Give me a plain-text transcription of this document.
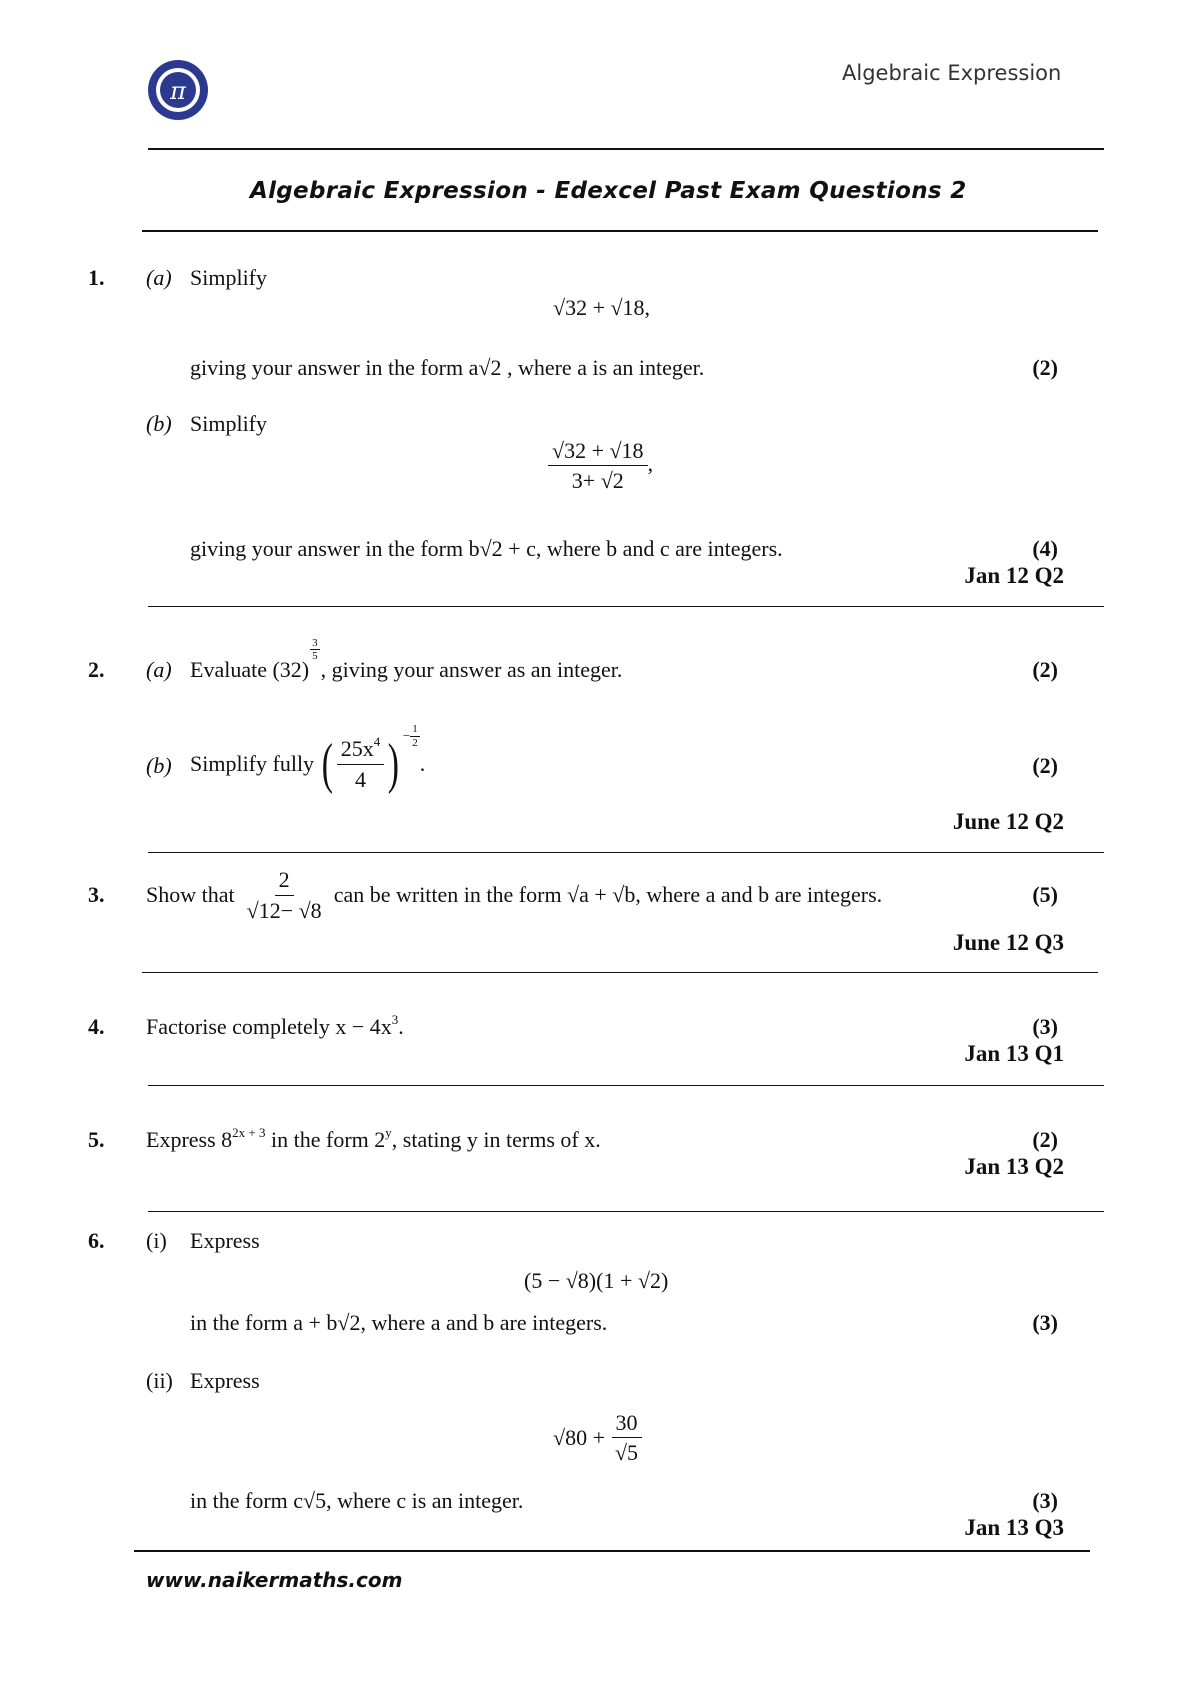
π
Algebraic Expression
Algebraic Expression - Edexcel Past Exam Questions 2
1. (a) Simplify
√32 + √18,
giving your answer in the form a√2 , where a is an integer.	(2)
(b) Simplify
$\frac{√32 + √18}{3+ √2}$ ,
giving your answer in the form b√2 + c, where b and c are integers.	(4)
Jan 12 Q2
2. (a) Evaluate (32)
$\frac{3}{5}$
, giving your answer as an integer.	(2)
(b) Simplify fully ( $\frac{25x^4}{4}$ ) − $\frac{1}{2}$
.	(2)
June 12 Q2
3. Show that $\frac{2}{√12- √8}$ can be written in the form √a + √b, where a and b are integers.	(5)
June 12 Q3
4. Factorise completely $x - 4x^3$.	(3)
Jan 13 Q1
5. Express $8^{2x + 3}$ in the form 2$^y$, stating y in terms of x.	(2)
Jan 13 Q2
6. (i) Express
(5 − √8)(1 + √2)
in the form a + b√2, where a and b are integers.	(3)
(ii) Express
$√80 + \frac{30}{√5}$
in the form c√5, where c is an integer.	(3)
Jan 13 Q3
www.naikermaths.com
